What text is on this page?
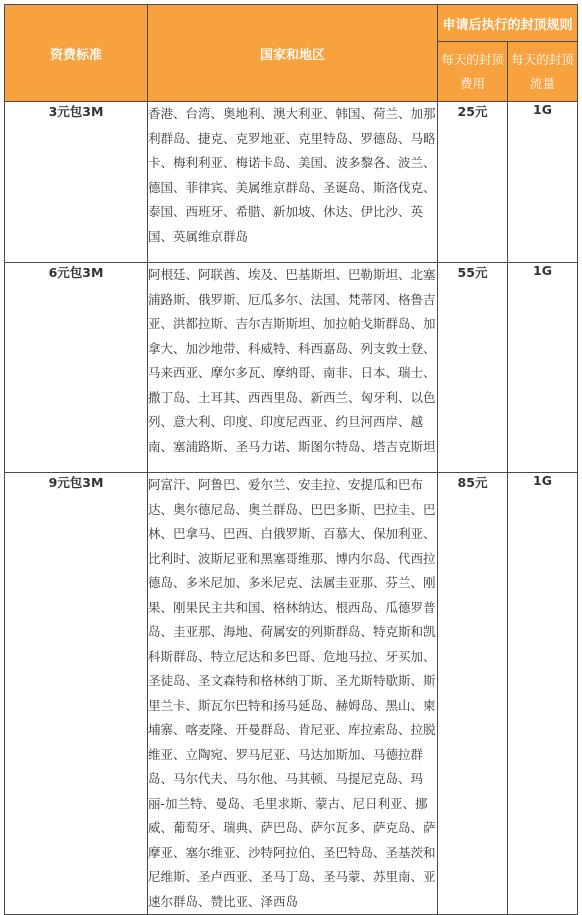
资费标准	国家和地区	申请后执行的封顶规则	
		每天的封顶费用	每天的封顶流量
3元包3M	香港、台湾、奥地利、澳大利亚、韩国、荷兰、加那利群岛、捷克、克罗地亚、克里特岛、罗德岛、马略卡、梅利利亚、梅诺卡岛、美国、波多黎各、波兰、德国、菲律宾、美属维京群岛、圣诞岛、斯洛伐克、泰国、西班牙、希腊、新加坡、休达、伊比沙、英国、英属维京群岛	25元	1G
6元包3M	阿根廷、阿联酋、埃及、巴基斯坦、巴勒斯坦、北塞浦路斯、俄罗斯、厄瓜多尔、法国、梵蒂冈、格鲁吉亚、洪都拉斯、吉尔吉斯斯坦、加拉帕戈斯群岛、加拿大、加沙地带、科威特、科西嘉岛、列支敦士登、马来西亚、摩尔多瓦、摩纳哥、南非、日本、瑞士、撒丁岛、土耳其、西西里岛、新西兰、匈牙利、以色列、意大利、印度、印度尼西亚、约旦河西岸、越南、塞浦路斯、圣马力诺、斯图尔特岛、塔吉克斯坦	55元	1G
9元包3M	阿富汗、阿鲁巴、爱尔兰、安圭拉、安提瓜和巴布达、奥尔德尼岛、奥兰群岛、巴巴多斯、巴拉圭、巴林、巴拿马、巴西、白俄罗斯、百慕大、保加利亚、比利时、波斯尼亚和黑塞哥维那、博内尔岛、代西拉德岛、多米尼加、多米尼克、法属圭亚那、芬兰、刚果、刚果民主共和国、格林纳达、根西岛、瓜德罗普岛、圭亚那、海地、荷属安的列斯群岛、特克斯和凯科斯群岛、特立尼达和多巴哥、危地马拉、牙买加、圣徒岛、圣文森特和格林纳丁斯、圣尤斯特歇斯、斯里兰卡、斯瓦尔巴特和扬马延岛、赫姆岛、黑山、柬埔寨、喀麦隆、开曼群岛、肯尼亚、库拉索岛、拉脱维亚、立陶宛、罗马尼亚、马达加斯加、马德拉群岛、马尔代夫、马尔他、马其顿、马提尼克岛、玛丽-加兰特、曼岛、毛里求斯、蒙古、尼日利亚、挪威、葡萄牙、瑞典、萨巴岛、萨尔瓦多、萨克岛、萨摩亚、塞尔维亚、沙特阿拉伯、圣巴特岛、圣基茨和尼维斯、圣卢西亚、圣马丁岛、圣马蒙、苏里南、亚速尔群岛、赞比亚、泽西岛	85元	1G
